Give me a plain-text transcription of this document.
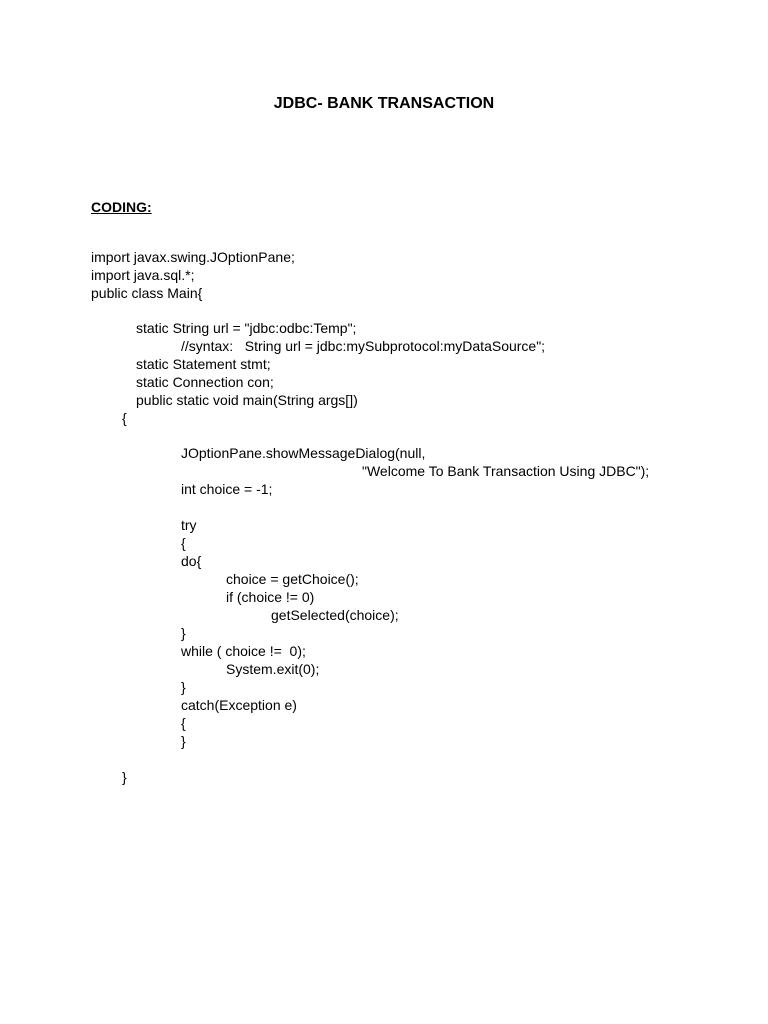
JDBC- BANK TRANSACTION
CODING:
import javax.swing.JOptionPane;
import java.sql.*;
public class Main{
static String url = "jdbc:odbc:Temp";
//syntax:   String url = jdbc:mySubprotocol:myDataSource";
static Statement stmt;
static Connection con;
public static void main(String args[])
{
JOptionPane.showMessageDialog(null,
"Welcome To Bank Transaction Using JDBC");
int choice = -1;
try
{
do{
choice = getChoice();
if (choice != 0)
getSelected(choice);
}
while ( choice !=  0);
System.exit(0);
}
catch(Exception e)
{
}
}
